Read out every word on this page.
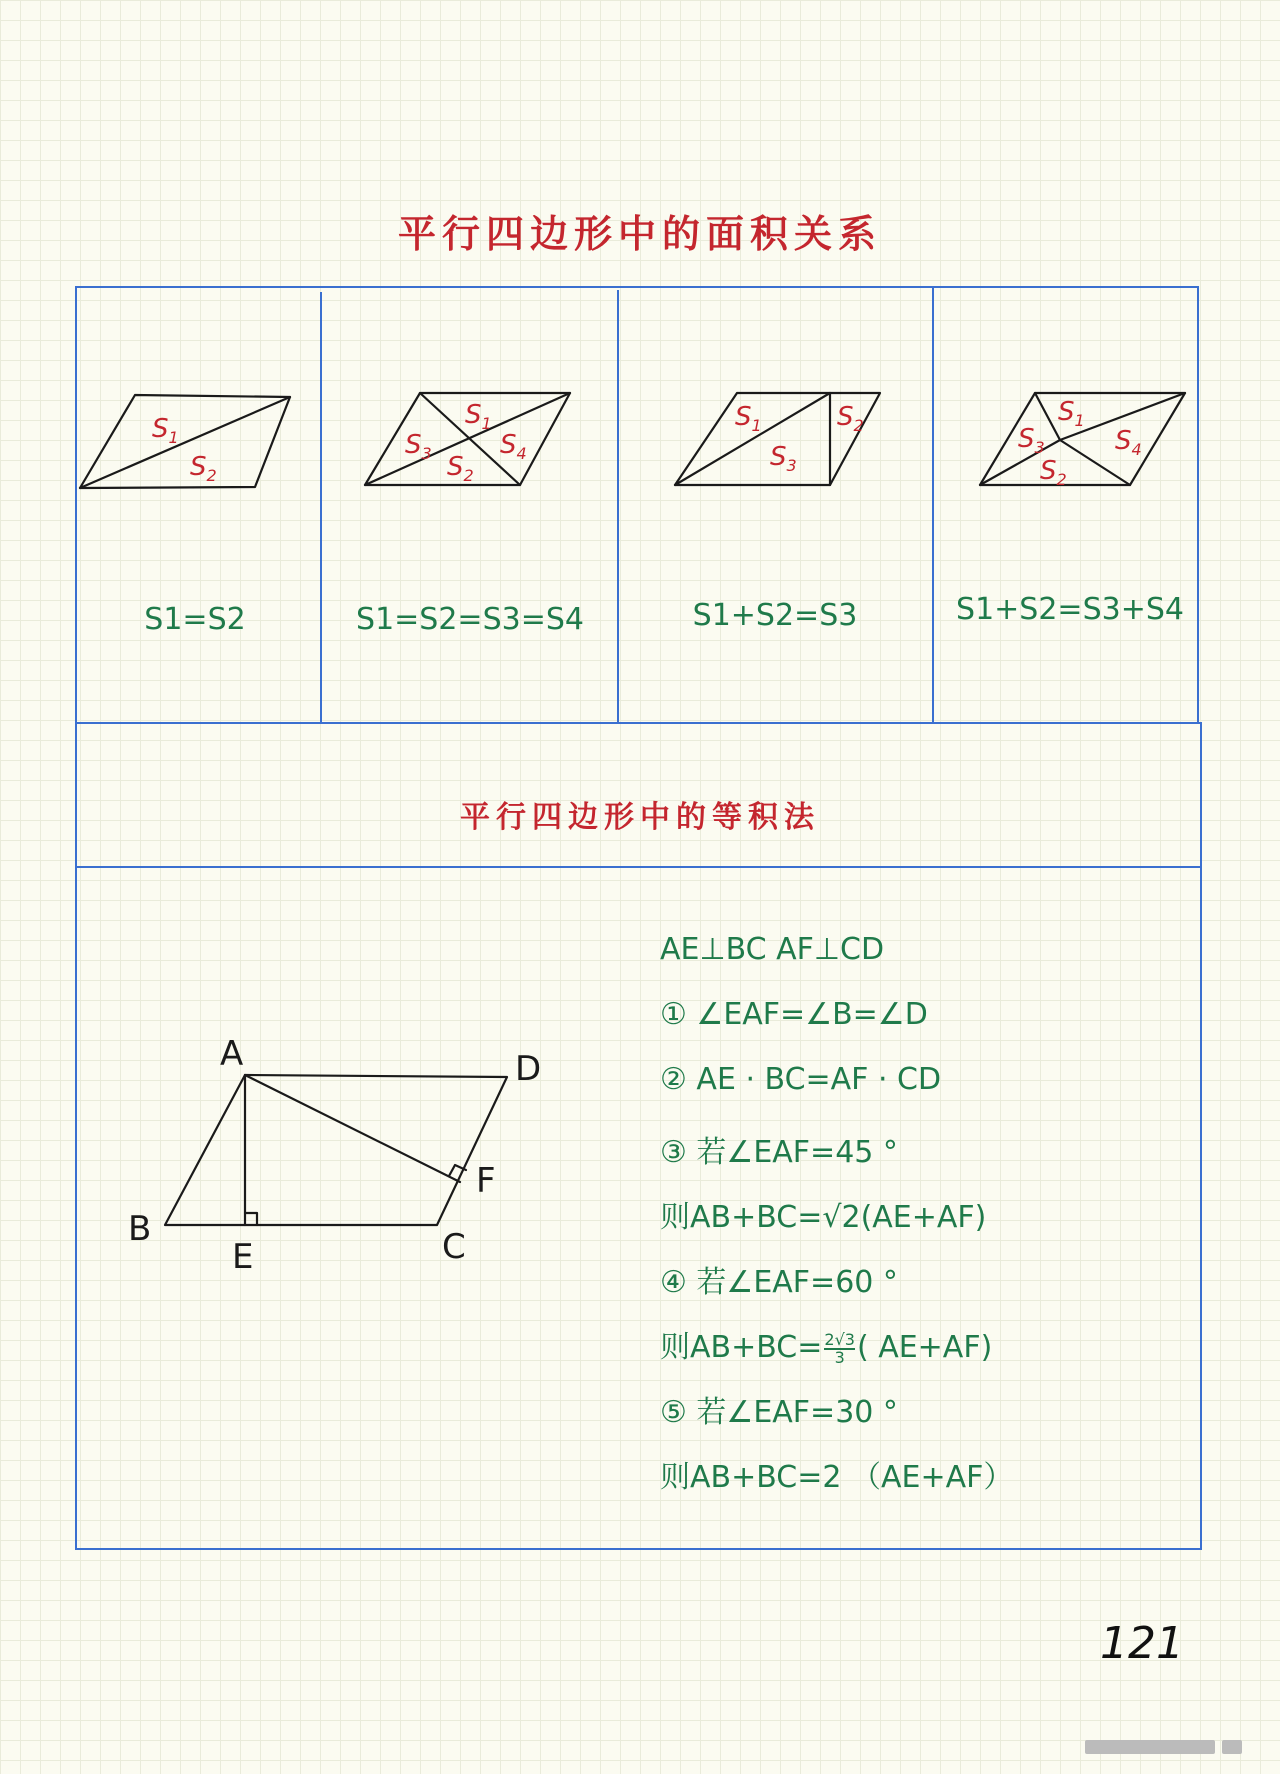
平行四边形中的面积关系
$S_1$
$S_2$
S1=S2
$S_1$
$S_3$	$S_4$
$S_2$
S1=S2=S3=S4
$S_1$	$S_2$
$S_3$
S1+S2=S3
$S_1$
$S_3$	$S_4$
$S_2$
S1+S2=S3+S4
平行四边形中的等积法
A	D
B	C
F
E
AE⊥BC AF⊥CD
① ∠EAF=∠B=∠D
② AE · BC=AF · CD
③ 若∠EAF=45 °
则AB+BC=√2(AE+AF)
④ 若∠EAF=60 °
则$AB+BC= \frac{2√3}{3}$ ( AE+AF)
⑤ 若∠EAF=30 °
则AB+BC=2 （AE+AF）
121
